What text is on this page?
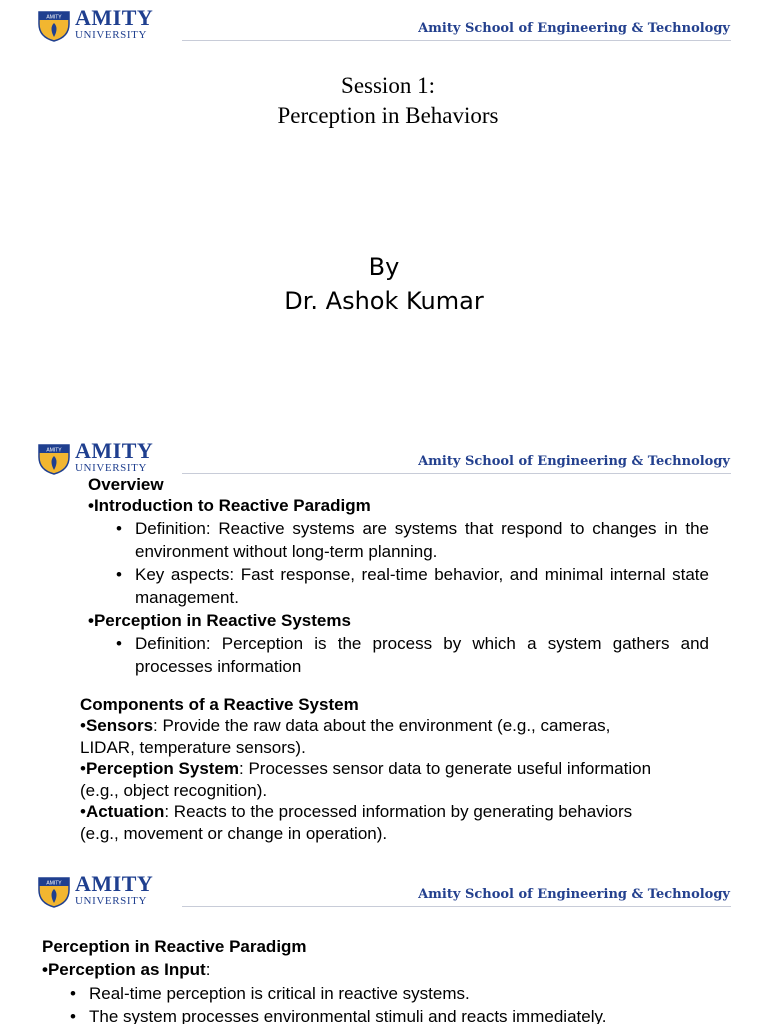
AMITY AMITY
UNIVERSITY	Amity School of Engineering & Technology
Session 1:
Perception in Behaviors
By
Dr. Ashok Kumar
AMITY AMITY
UNIVERSITY	Amity School of Engineering & Technology
Overview
•Introduction to Reactive Paradigm
• Definition: Reactive systems are systems that respond to changes in the environment without long-term planning.
• Key aspects: Fast response, real-time behavior, and minimal internal state management.
•Perception in Reactive Systems
• Definition: Perception is the process by which a system gathers and processes information
Components of a Reactive System
•Sensors: Provide the raw data about the environment (e.g., cameras,
LIDAR, temperature sensors).
•Perception System: Processes sensor data to generate useful information
(e.g., object recognition).
•Actuation: Reacts to the processed information by generating behaviors
(e.g., movement or change in operation).
AMITY AMITY
UNIVERSITY	Amity School of Engineering & Technology
Perception in Reactive Paradigm
•Perception as Input:
• Real-time perception is critical in reactive systems.
• The system processes environmental stimuli and reacts immediately.
